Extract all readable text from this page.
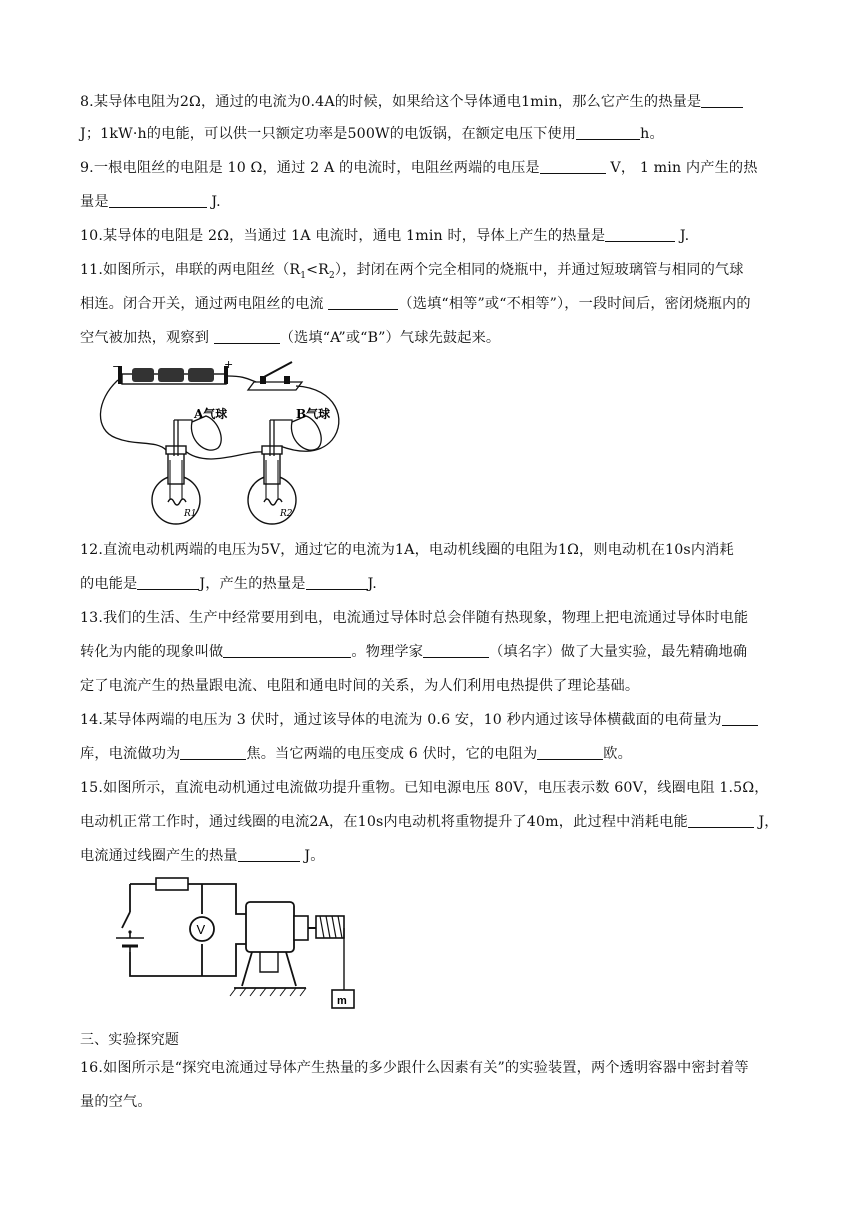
8.某导体电阻为2Ω，通过的电流为0.4A的时候，如果给这个导体通电1min，那么它产生的热量是
J；1kW·h的电能，可以供一只额定功率是500W的电饭锅，在额定电压下使用	h。
9.一根电阻丝的电阻是 10 Ω，通过 2 A 的电流时，电阻丝两端的电压是	V， 1 min 内产生的热
量是	J.
10.某导体的电阻是 2Ω，当通过 1A 电流时，通电 1min 时，导体上产生的热量是	J.
11.如图所示，串联的两电阻丝$(R_1<R_2)$，封闭在两个完全相同的烧瓶中，并通过短玻璃管与相同的气球
相连。闭合开关，通过两电阻丝的电流	（选填“相等”或“不相等”），一段时间后，密闭烧瓶内的
空气被加热，观察到	（选填“A”或“B”）气球先鼓起来。
−	+
R1
A气球
R2
B气球
12.直流电动机两端的电压为5V，通过它的电流为1A，电动机线圈的电阻为1Ω，则电动机在10s内消耗
的电能是	J，产生的热量是	J.
13.我们的生活、生产中经常要用到电，电流通过导体时总会伴随有热现象，物理上把电流通过导体时电能
转化为内能的现象叫做	。物理学家	（填名字）做了大量实验，最先精确地确
定了电流产生的热量跟电流、电阻和通电时间的关系，为人们利用电热提供了理论基础。
14.某导体两端的电压为 3 伏时，通过该导体的电流为 0.6 安，10 秒内通过该导体横截面的电荷量为
库，电流做功为	焦。当它两端的电压变成 6 伏时，它的电阻为	欧。
15.如图所示，直流电动机通过电流做功提升重物。已知电源电压 80V，电压表示数 60V，线圈电阻 1.5Ω，
电动机正常工作时，通过线圈的电流2A，在10s内电动机将重物提升了40m，此过程中消耗电能	J，
电流通过线圈产生的热量	J。
V
m
三、实验探究题
16.如图所示是“探究电流通过导体产生热量的多少跟什么因素有关”的实验装置，两个透明容器中密封着等
量的空气。
